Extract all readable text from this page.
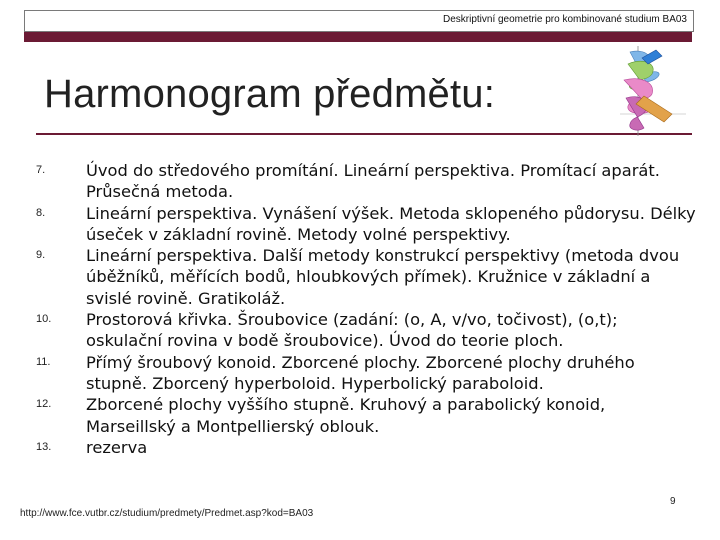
Deskriptivní geometrie pro kombinované studium BA03
Harmonogram předmětu:
7.	Úvod do středového promítání. Lineární perspektiva. Promítací aparát. Průsečná metoda.
8.	Lineární perspektiva. Vynášení výšek. Metoda sklopeného půdorysu. Délky úseček v základní rovině. Metody volné perspektivy.
9.	Lineární perspektiva. Další metody konstrukcí perspektivy (metoda dvou úběžníků, měřících bodů, hloubkových přímek). Kružnice v základní a svislé rovině. Gratikoláž.
10. Prostorová křivka. Šroubovice (zadání: (o, A, v/vo, točivost), (o,t); oskulační rovina v bodě šroubovice). Úvod do teorie ploch.
11. Přímý šroubový konoid. Zborcené plochy. Zborcené plochy druhého stupně. Zborcený hyperboloid. Hyperbolický paraboloid.
12. Zborcené plochy vyššího stupně. Kruhový a parabolický konoid, Marseillský a Montpellierský oblouk.
13. rezerva
http://www.fce.vutbr.cz/studium/predmety/Predmet.asp?kod=BA03
9
